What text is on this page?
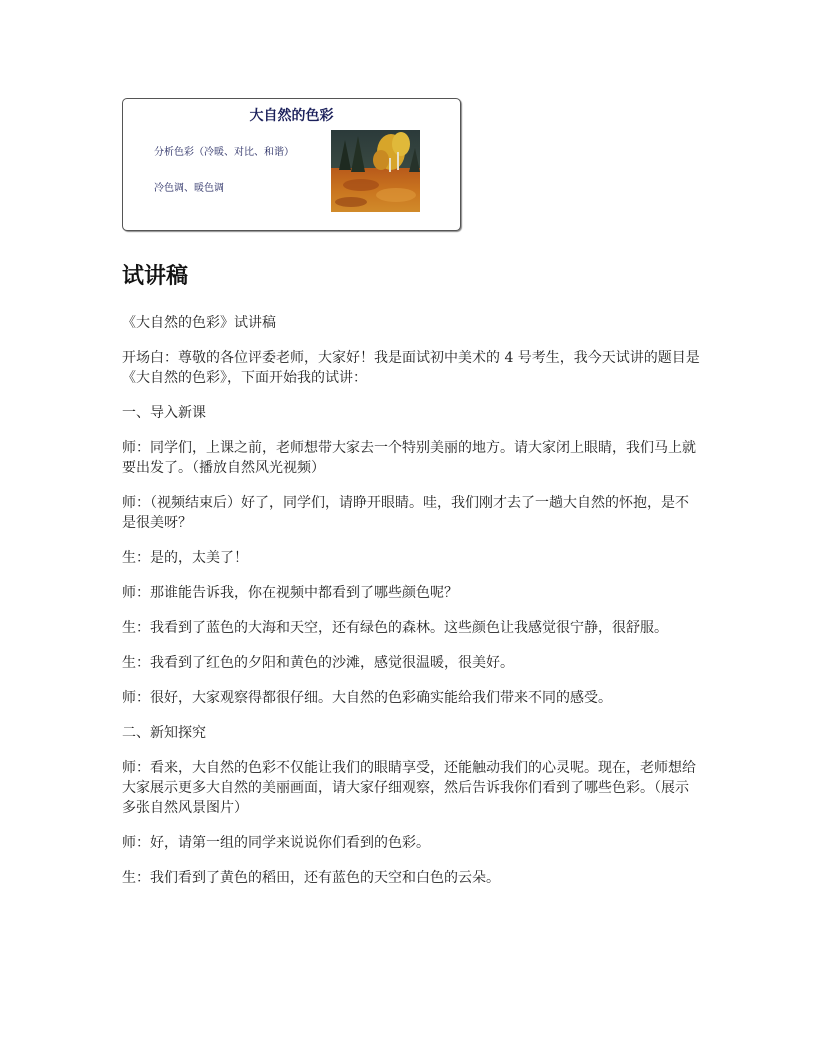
大自然的色彩
分析色彩（冷暖、对比、和谐）
冷色调、暖色调
试讲稿

《大自然的色彩》试讲稿

开场白：尊敬的各位评委老师，大家好！我是面试初中美术的 4 号考生，我今天试讲的题目是《大自然的色彩》，下面开始我的试讲：

一、导入新课

师：同学们，上课之前，老师想带大家去一个特别美丽的地方。请大家闭上眼睛，我们马上就要出发了。（播放自然风光视频）

师：（视频结束后）好了，同学们，请睁开眼睛。哇，我们刚才去了一趟大自然的怀抱，是不是很美呀？

生：是的，太美了！

师：那谁能告诉我，你在视频中都看到了哪些颜色呢？

生：我看到了蓝色的大海和天空，还有绿色的森林。这些颜色让我感觉很宁静，很舒服。

生：我看到了红色的夕阳和黄色的沙滩，感觉很温暖，很美好。

师：很好，大家观察得都很仔细。大自然的色彩确实能给我们带来不同的感受。

二、新知探究

师：看来，大自然的色彩不仅能让我们的眼睛享受，还能触动我们的心灵呢。现在，老师想给大家展示更多大自然的美丽画面，请大家仔细观察，然后告诉我你们看到了哪些色彩。（展示多张自然风景图片）

师：好，请第一组的同学来说说你们看到的色彩。

生：我们看到了黄色的稻田，还有蓝色的天空和白色的云朵。
